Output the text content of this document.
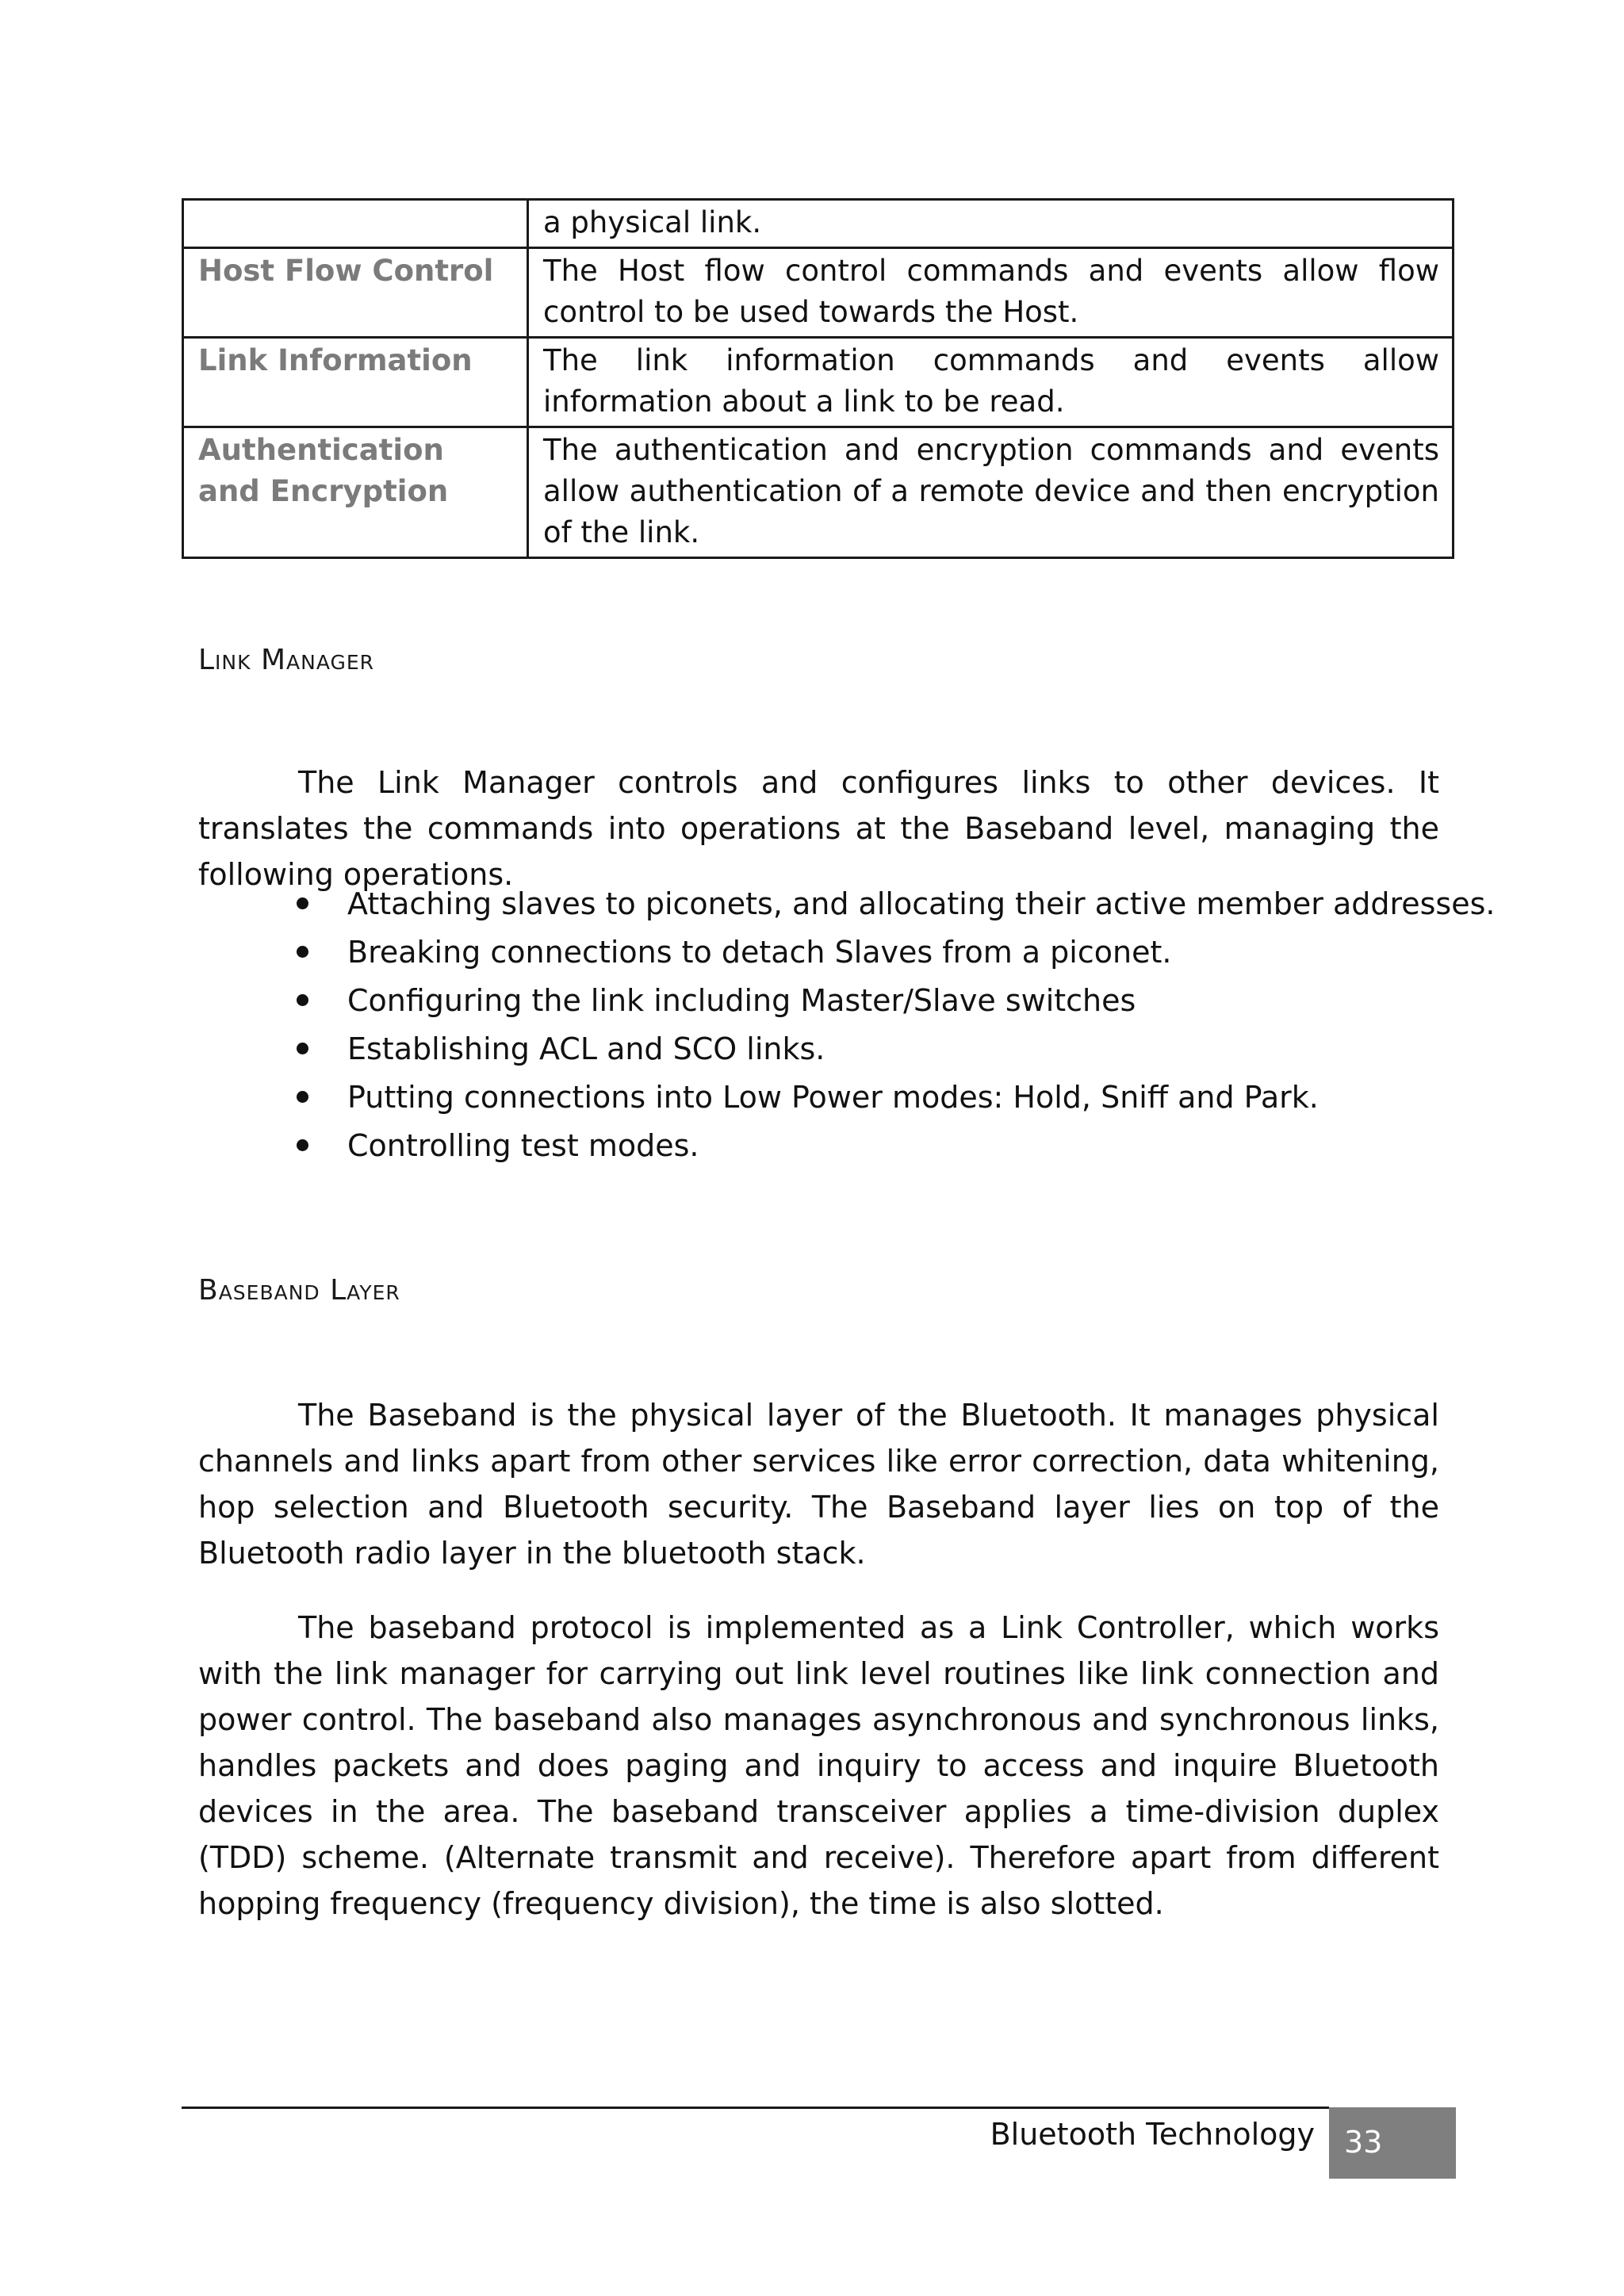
	a physical link.
Host Flow Control	The Host flow control commands and events allow flow control to be used towards the Host.
Link Information	The link information commands and events allow information about a link to be read.
Authentication and Encryption	The authentication and encryption commands and events allow authentication of a remote device and then encryption of the link.
Link Manager

The Link Manager controls and configures links to other devices. It translates the commands into operations at the Baseband level, managing the following operations.

Attaching slaves to piconets, and allocating their active member addresses.
Breaking connections to detach Slaves from a piconet.
Configuring the link including Master/Slave switches
Establishing ACL and SCO links.
Putting connections into Low Power modes: Hold, Sniff and Park.
Controlling test modes.
Baseband Layer

The Baseband is the physical layer of the Bluetooth. It manages physical channels and links apart from other services like error correction, data whitening, hop selection and Bluetooth security. The Baseband layer lies on top of the Bluetooth radio layer in the bluetooth stack.

The baseband protocol is implemented as a Link Controller, which works with the link manager for carrying out link level routines like link connection and power control. The baseband also manages asynchronous and synchronous links, handles packets and does paging and inquiry to access and inquire Bluetooth devices in the area. The baseband transceiver applies a time-division duplex (TDD) scheme. (Alternate transmit and receive). Therefore apart from different hopping frequency (frequency division), the time is also slotted.

Bluetooth Technology 33
